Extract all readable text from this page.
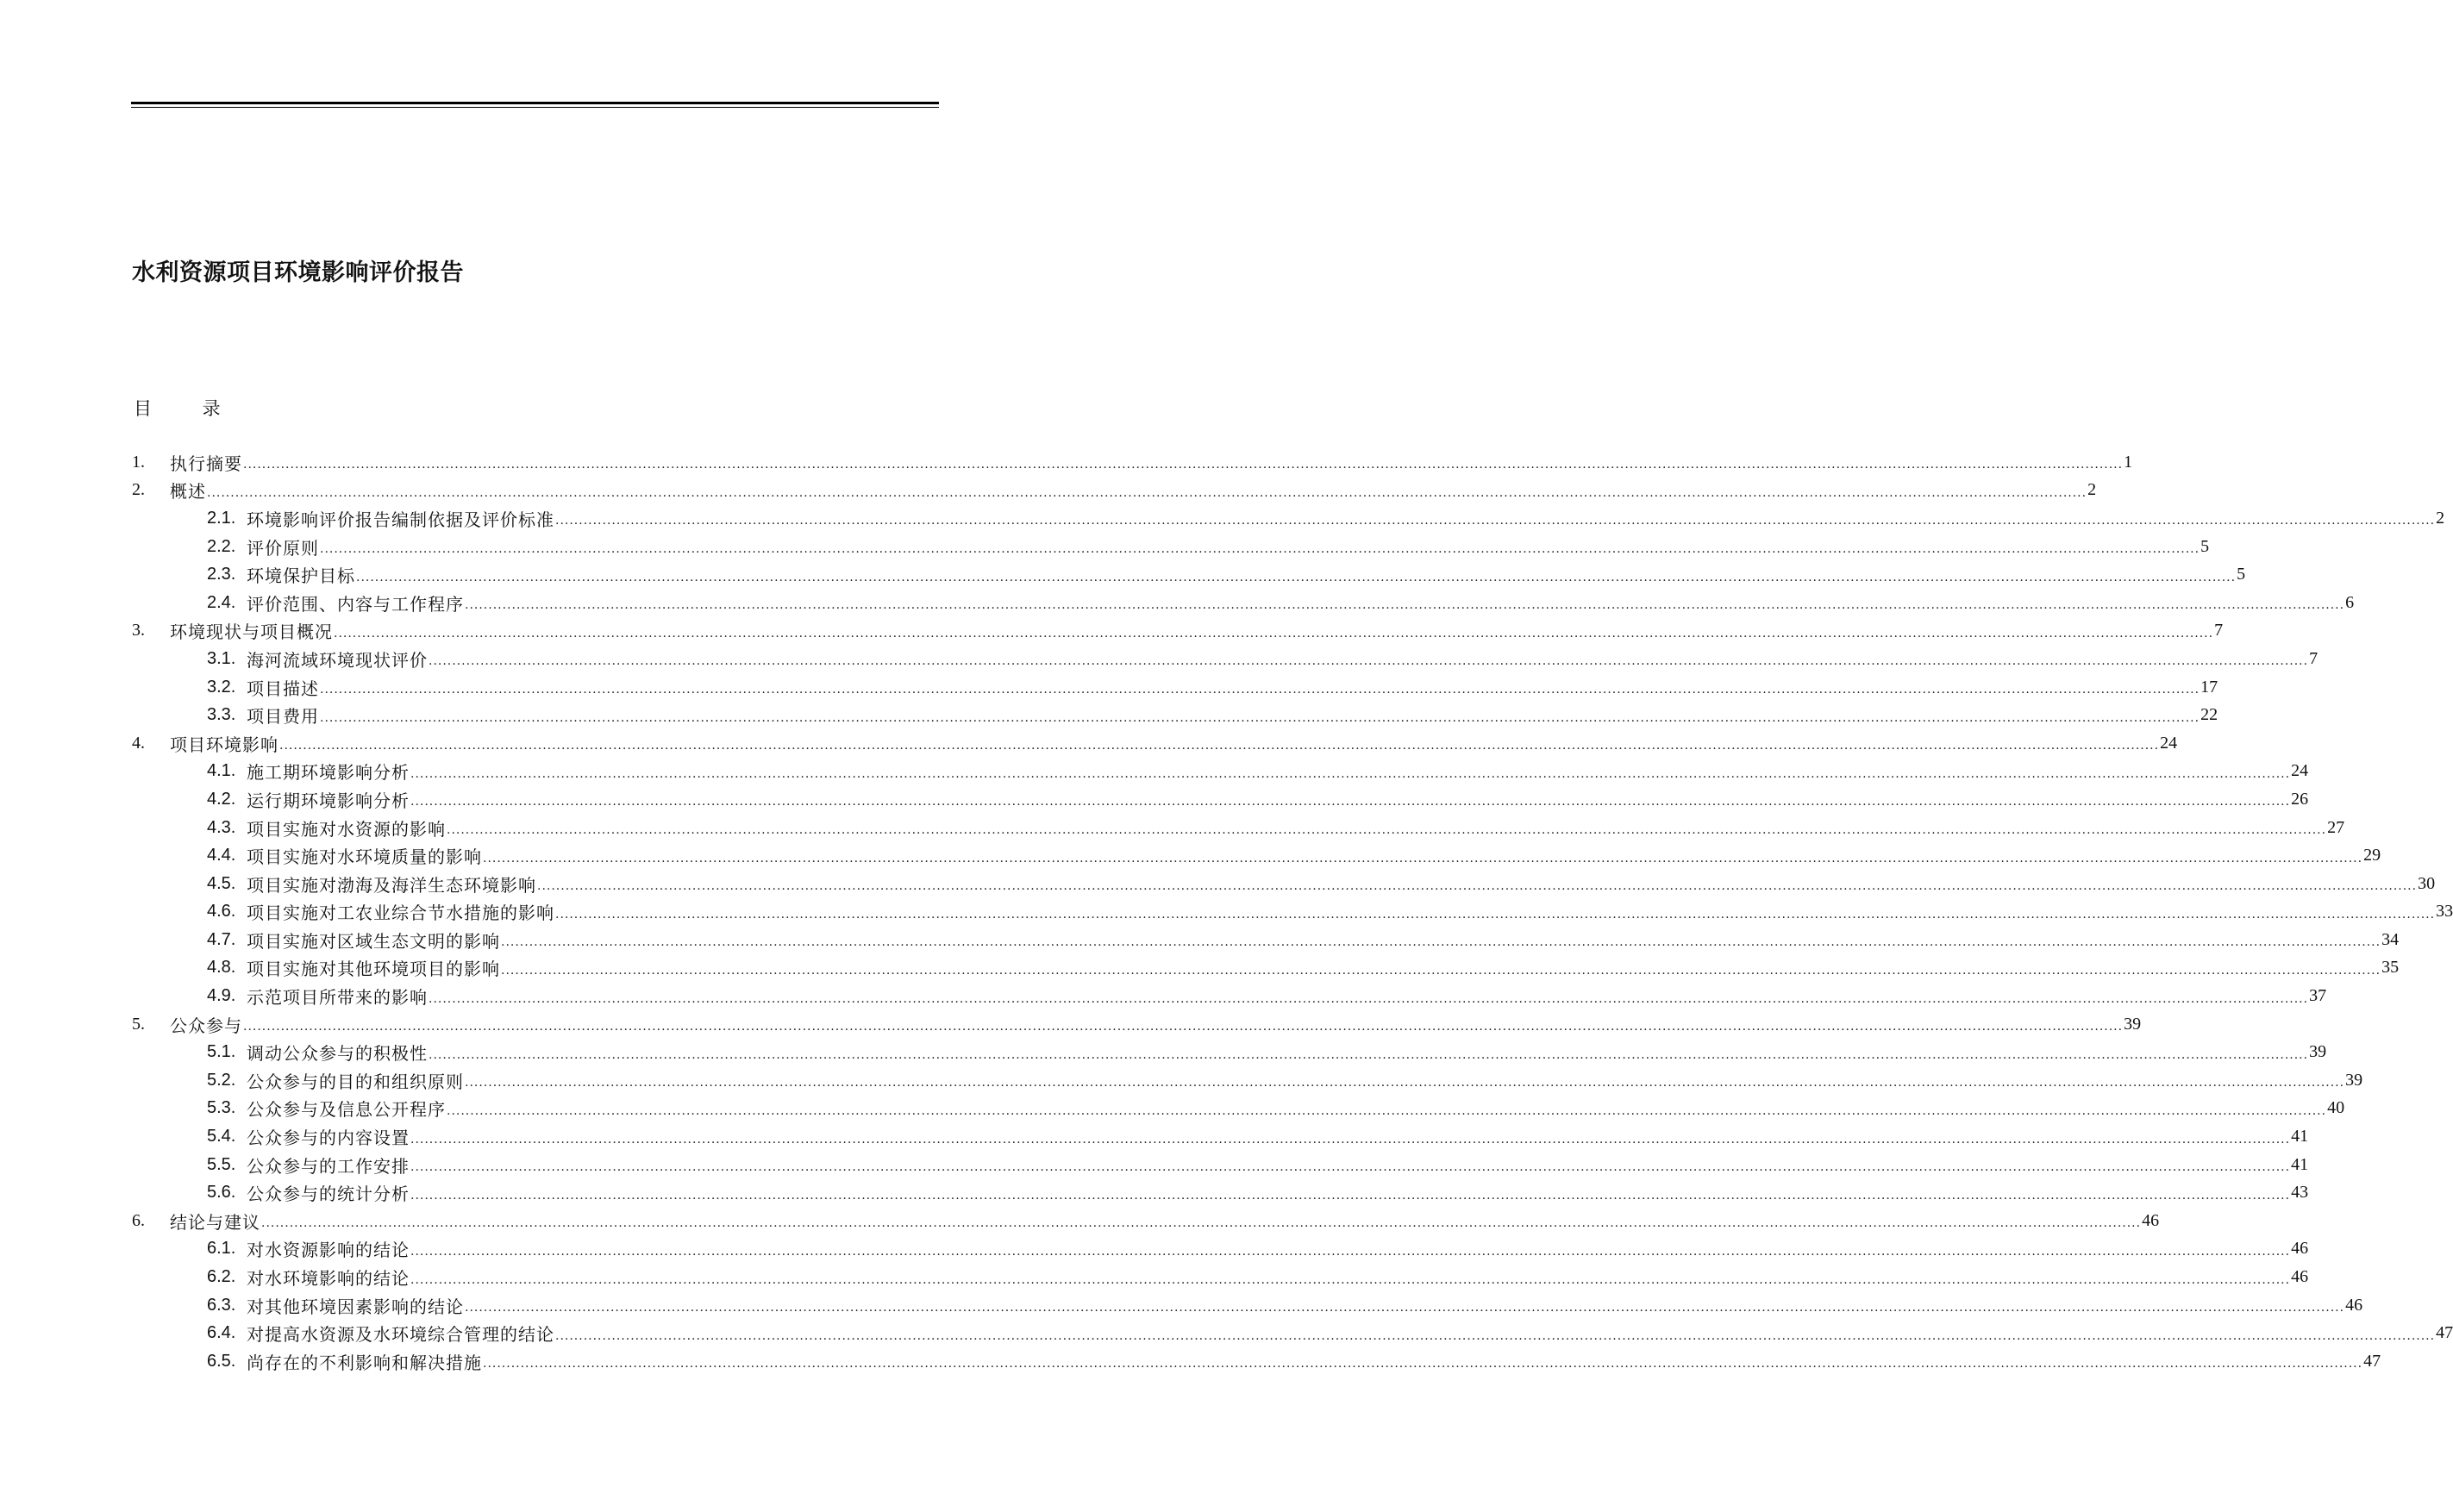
水利资源项目环境影响评价报告
目 录
1.	执行摘要 ................................................................................................................................................................................................................................................................................................................................................................................................................ 1
2.	概述 ................................................................................................................................................................................................................................................................................................................................................................................................................ 2
2.1. 环境影响评价报告编制依据及评价标准 ................................................................................................................................................................................................................................................................................................................................................................................................................ 2
2.2. 评价原则 ................................................................................................................................................................................................................................................................................................................................................................................................................ 5
2.3. 环境保护目标 ................................................................................................................................................................................................................................................................................................................................................................................................................ 5
2.4. 评价范围、内容与工作程序 ................................................................................................................................................................................................................................................................................................................................................................................................................ 6
3.	环境现状与项目概况 ................................................................................................................................................................................................................................................................................................................................................................................................................ 7
3.1. 海河流域环境现状评价 ................................................................................................................................................................................................................................................................................................................................................................................................................ 7
3.2. 项目描述 ................................................................................................................................................................................................................................................................................................................................................................................................................ 17
3.3. 项目费用 ................................................................................................................................................................................................................................................................................................................................................................................................................ 22
4.	项目环境影响 ................................................................................................................................................................................................................................................................................................................................................................................................................ 24
4.1. 施工期环境影响分析 ................................................................................................................................................................................................................................................................................................................................................................................................................ 24
4.2. 运行期环境影响分析 ................................................................................................................................................................................................................................................................................................................................................................................................................ 26
4.3. 项目实施对水资源的影响 ................................................................................................................................................................................................................................................................................................................................................................................................................ 27
4.4. 项目实施对水环境质量的影响 ................................................................................................................................................................................................................................................................................................................................................................................................................ 29
4.5. 项目实施对渤海及海洋生态环境影响 ................................................................................................................................................................................................................................................................................................................................................................................................................ 30
4.6. 项目实施对工农业综合节水措施的影响 ................................................................................................................................................................................................................................................................................................................................................................................................................ 33
4.7. 项目实施对区域生态文明的影响 ................................................................................................................................................................................................................................................................................................................................................................................................................ 34
4.8. 项目实施对其他环境项目的影响 ................................................................................................................................................................................................................................................................................................................................................................................................................ 35
4.9. 示范项目所带来的影响 ................................................................................................................................................................................................................................................................................................................................................................................................................ 37
5.	公众参与 ................................................................................................................................................................................................................................................................................................................................................................................................................ 39
5.1. 调动公众参与的积极性 ................................................................................................................................................................................................................................................................................................................................................................................................................ 39
5.2. 公众参与的目的和组织原则 ................................................................................................................................................................................................................................................................................................................................................................................................................ 39
5.3. 公众参与及信息公开程序 ................................................................................................................................................................................................................................................................................................................................................................................................................ 40
5.4. 公众参与的内容设置 ................................................................................................................................................................................................................................................................................................................................................................................................................ 41
5.5. 公众参与的工作安排 ................................................................................................................................................................................................................................................................................................................................................................................................................ 41
5.6. 公众参与的统计分析 ................................................................................................................................................................................................................................................................................................................................................................................................................ 43
6.	结论与建议 ................................................................................................................................................................................................................................................................................................................................................................................................................ 46
6.1. 对水资源影响的结论 ................................................................................................................................................................................................................................................................................................................................................................................................................ 46
6.2. 对水环境影响的结论 ................................................................................................................................................................................................................................................................................................................................................................................................................ 46
6.3. 对其他环境因素影响的结论 ................................................................................................................................................................................................................................................................................................................................................................................................................ 46
6.4. 对提高水资源及水环境综合管理的结论 ................................................................................................................................................................................................................................................................................................................................................................................................................ 47
6.5. 尚存在的不利影响和解决措施 ................................................................................................................................................................................................................................................................................................................................................................................................................ 47
